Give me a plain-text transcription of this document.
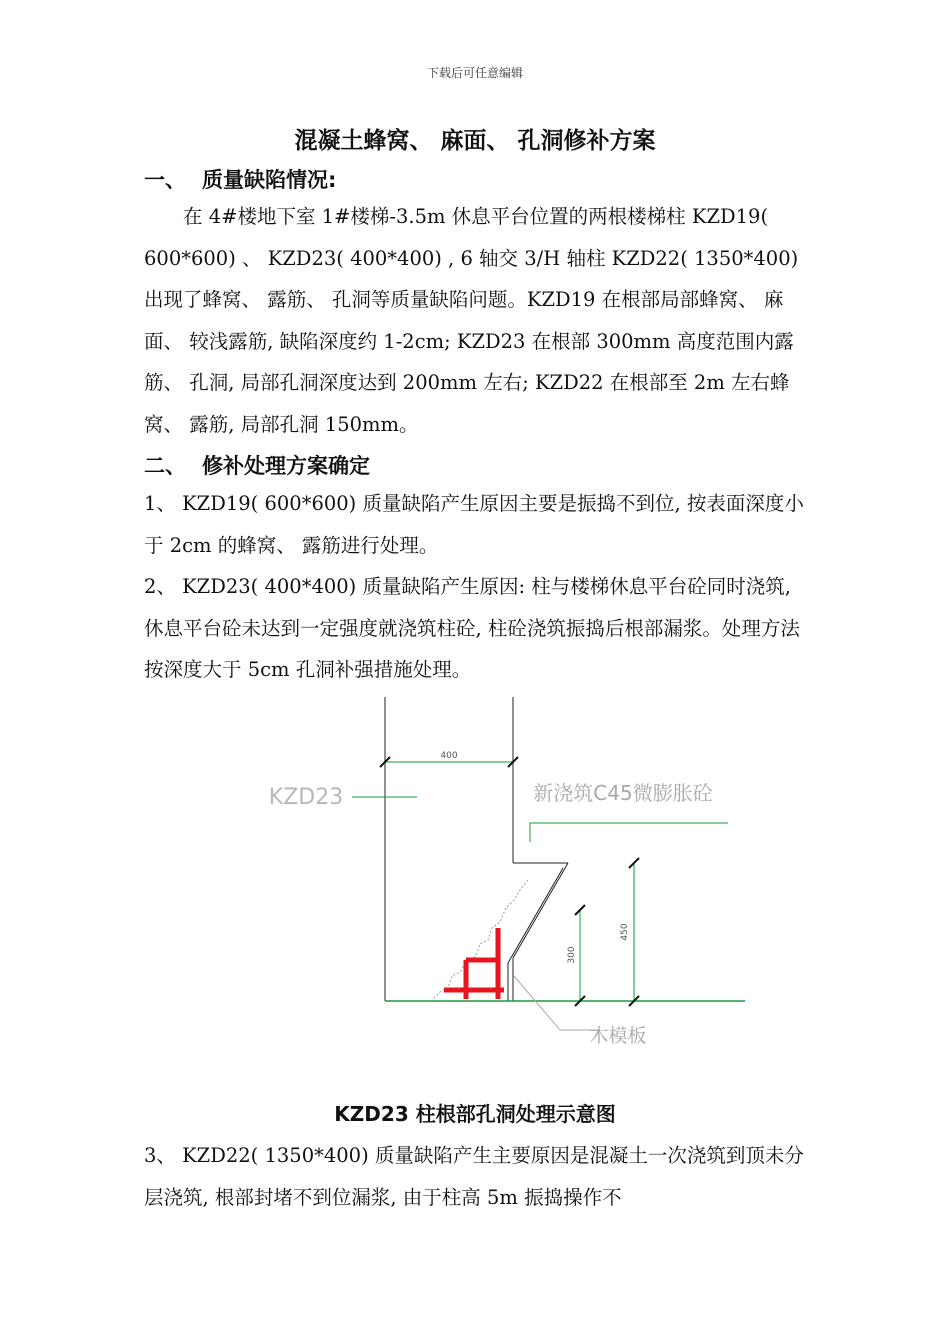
下载后可任意编辑
混凝土蜂窝、 麻面、 孔洞修补方案
一、 质量缺陷情况:

在 4#楼地下室 1#楼梯-3.5m 休息平台位置的两根楼梯柱 KZD19( 600*600) 、 KZD23( 400*400) , 6 轴交 3/H 轴柱 KZD22( 1350*400) 出现了蜂窝、 露筋、 孔洞等质量缺陷问题。KZD19 在根部局部蜂窝、 麻面、 较浅露筋, 缺陷深度约 1-2cm; KZD23 在根部 300mm 高度范围内露筋、 孔洞, 局部孔洞深度达到 200mm 左右; KZD22 在根部至 2m 左右蜂窝、 露筋, 局部孔洞 150mm。

二、 修补处理方案确定

1、 KZD19( 600*600) 质量缺陷产生原因主要是振捣不到位, 按表面深度小于 2cm 的蜂窝、 露筋进行处理。

2、 KZD23( 400*400) 质量缺陷产生原因: 柱与楼梯休息平台砼同时浇筑, 休息平台砼未达到一定强度就浇筑柱砼, 柱砼浇筑振捣后根部漏浆。处理方法按深度大于 5cm 孔洞补强措施处理。

400
KZD23	新浇筑C45微膨胀砼
450
300
木模板
KZD23 柱根部孔洞处理示意图

3、 KZD22( 1350*400) 质量缺陷产生主要原因是混凝土一次浇筑到顶未分层浇筑, 根部封堵不到位漏浆, 由于柱高 5m 振捣操作不
